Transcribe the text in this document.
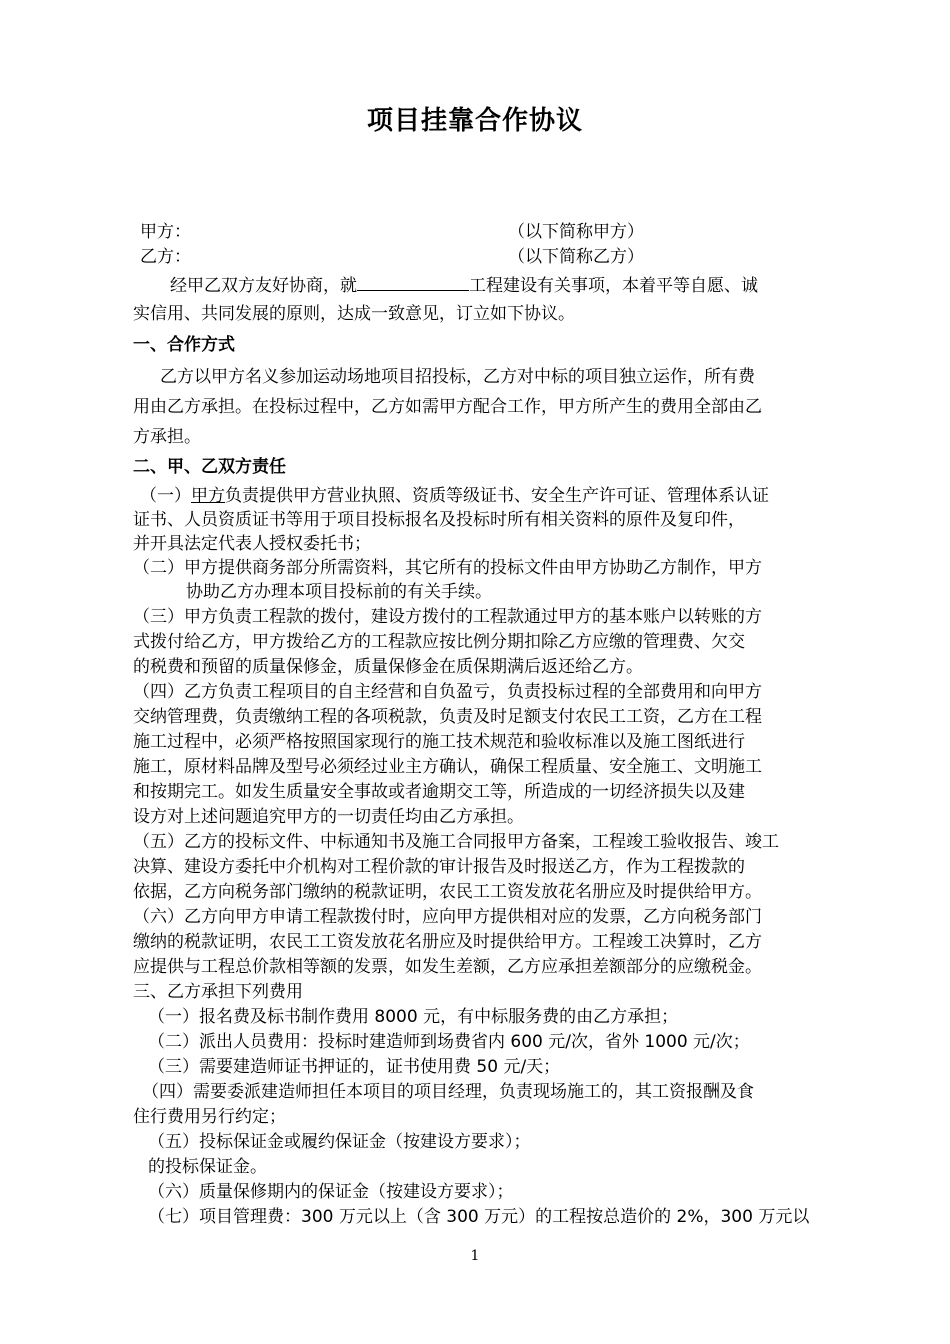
项目挂靠合作协议
甲方：	（以下简称甲方）
乙方：	（以下简称乙方）
经甲乙双方友好协商，就	工程建设有关事项，本着平等自愿、诚
实信用、共同发展的原则，达成一致意见，订立如下协议。
一、合作方式
乙方以甲方名义参加运动场地项目招投标，乙方对中标的项目独立运作，所有费
用由乙方承担。在投标过程中，乙方如需甲方配合工作，甲方所产生的费用全部由乙
方承担。
二、甲、乙双方责任
（一）甲方负责提供甲方营业执照、资质等级证书、安全生产许可证、管理体系认证
证书、人员资质证书等用于项目投标报名及投标时所有相关资料的原件及复印件，
并开具法定代表人授权委托书；
（二）甲方提供商务部分所需资料，其它所有的投标文件由甲方协助乙方制作，甲方
协助乙方办理本项目投标前的有关手续。
（三）甲方负责工程款的拨付，建设方拨付的工程款通过甲方的基本账户以转账的方
式拨付给乙方，甲方拨给乙方的工程款应按比例分期扣除乙方应缴的管理费、欠交
的税费和预留的质量保修金，质量保修金在质保期满后返还给乙方。
（四）乙方负责工程项目的自主经营和自负盈亏，负责投标过程的全部费用和向甲方
交纳管理费，负责缴纳工程的各项税款，负责及时足额支付农民工工资，乙方在工程
施工过程中，必须严格按照国家现行的施工技术规范和验收标准以及施工图纸进行
施工，原材料品牌及型号必须经过业主方确认，确保工程质量、安全施工、文明施工
和按期完工。如发生质量安全事故或者逾期交工等，所造成的一切经济损失以及建
设方对上述问题追究甲方的一切责任均由乙方承担。
（五）乙方的投标文件、中标通知书及施工合同报甲方备案，工程竣工验收报告、竣工
决算、建设方委托中介机构对工程价款的审计报告及时报送乙方，作为工程拨款的
依据，乙方向税务部门缴纳的税款证明，农民工工资发放花名册应及时提供给甲方。
（六）乙方向甲方申请工程款拨付时，应向甲方提供相对应的发票，乙方向税务部门
缴纳的税款证明，农民工工资发放花名册应及时提供给甲方。工程竣工决算时，乙方
应提供与工程总价款相等额的发票，如发生差额，乙方应承担差额部分的应缴税金。
三、乙方承担下列费用
（一）报名费及标书制作费用 8000 元，有中标服务费的由乙方承担；
（二）派出人员费用：投标时建造师到场费省内 600 元/次，省外 1000 元/次；
（三）需要建造师证书押证的，证书使用费 50 元/天；
（四）需要委派建造师担任本项目的项目经理，负责现场施工的，其工资报酬及食
住行费用另行约定；
（五）投标保证金或履约保证金（按建设方要求）；
的投标保证金。
（六）质量保修期内的保证金（按建设方要求）；
（七）项目管理费：300 万元以上（含 300 万元）的工程按总造价的 2%，300 万元以
1
